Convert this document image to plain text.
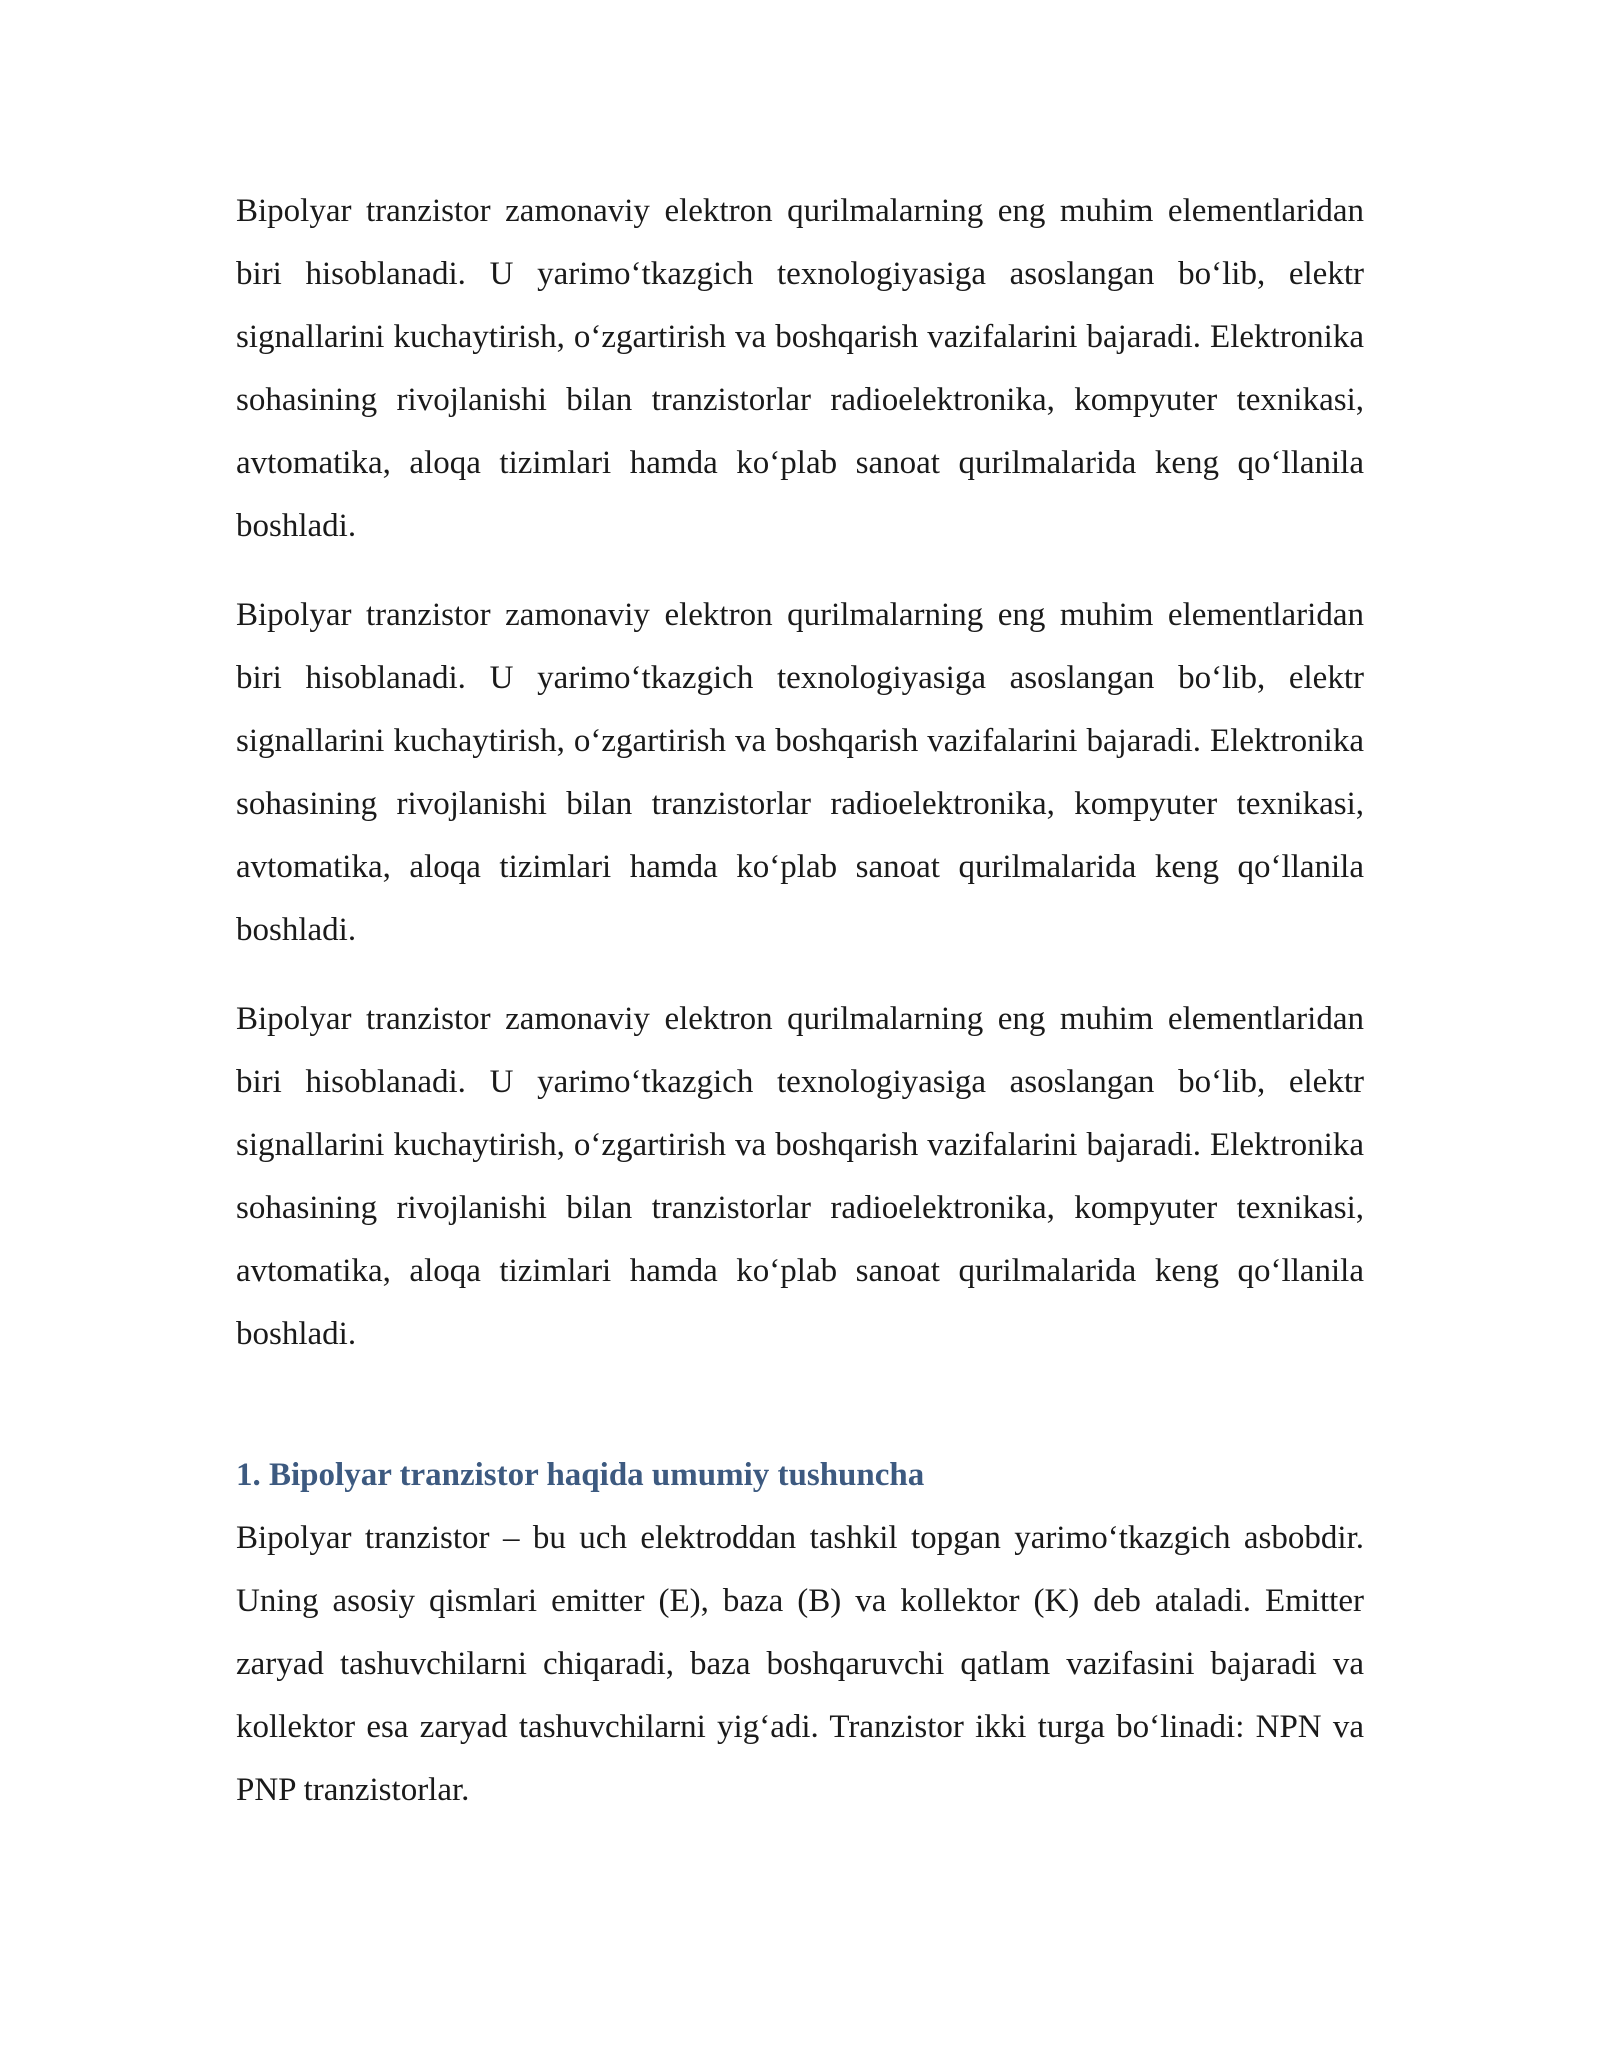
Bipolyar tranzistor zamonaviy elektron qurilmalarning eng muhim elementlaridan biri hisoblanadi. U yarimo‘tkazgich texnologiyasiga asoslangan bo‘lib, elektr signallarini kuchaytirish, o‘zgartirish va boshqarish vazifalarini bajaradi. Elektronika sohasining rivojlanishi bilan tranzistorlar radioelektronika, kompyuter texnikasi, avtomatika, aloqa tizimlari hamda ko‘plab sanoat qurilmalarida keng qo‘llanila boshladi.

Bipolyar tranzistor zamonaviy elektron qurilmalarning eng muhim elementlaridan biri hisoblanadi. U yarimo‘tkazgich texnologiyasiga asoslangan bo‘lib, elektr signallarini kuchaytirish, o‘zgartirish va boshqarish vazifalarini bajaradi. Elektronika sohasining rivojlanishi bilan tranzistorlar radioelektronika, kompyuter texnikasi, avtomatika, aloqa tizimlari hamda ko‘plab sanoat qurilmalarida keng qo‘llanila boshladi.

Bipolyar tranzistor zamonaviy elektron qurilmalarning eng muhim elementlaridan biri hisoblanadi. U yarimo‘tkazgich texnologiyasiga asoslangan bo‘lib, elektr signallarini kuchaytirish, o‘zgartirish va boshqarish vazifalarini bajaradi. Elektronika sohasining rivojlanishi bilan tranzistorlar radioelektronika, kompyuter texnikasi, avtomatika, aloqa tizimlari hamda ko‘plab sanoat qurilmalarida keng qo‘llanila boshladi.

1. Bipolyar tranzistor haqida umumiy tushuncha

Bipolyar tranzistor – bu uch elektroddan tashkil topgan yarimo‘tkazgich asbobdir. Uning asosiy qismlari emitter (E), baza (B) va kollektor (K) deb ataladi. Emitter zaryad tashuvchilarni chiqaradi, baza boshqaruvchi qatlam vazifasini bajaradi va kollektor esa zaryad tashuvchilarni yig‘adi. Tranzistor ikki turga bo‘linadi: NPN va PNP tranzistorlar.
